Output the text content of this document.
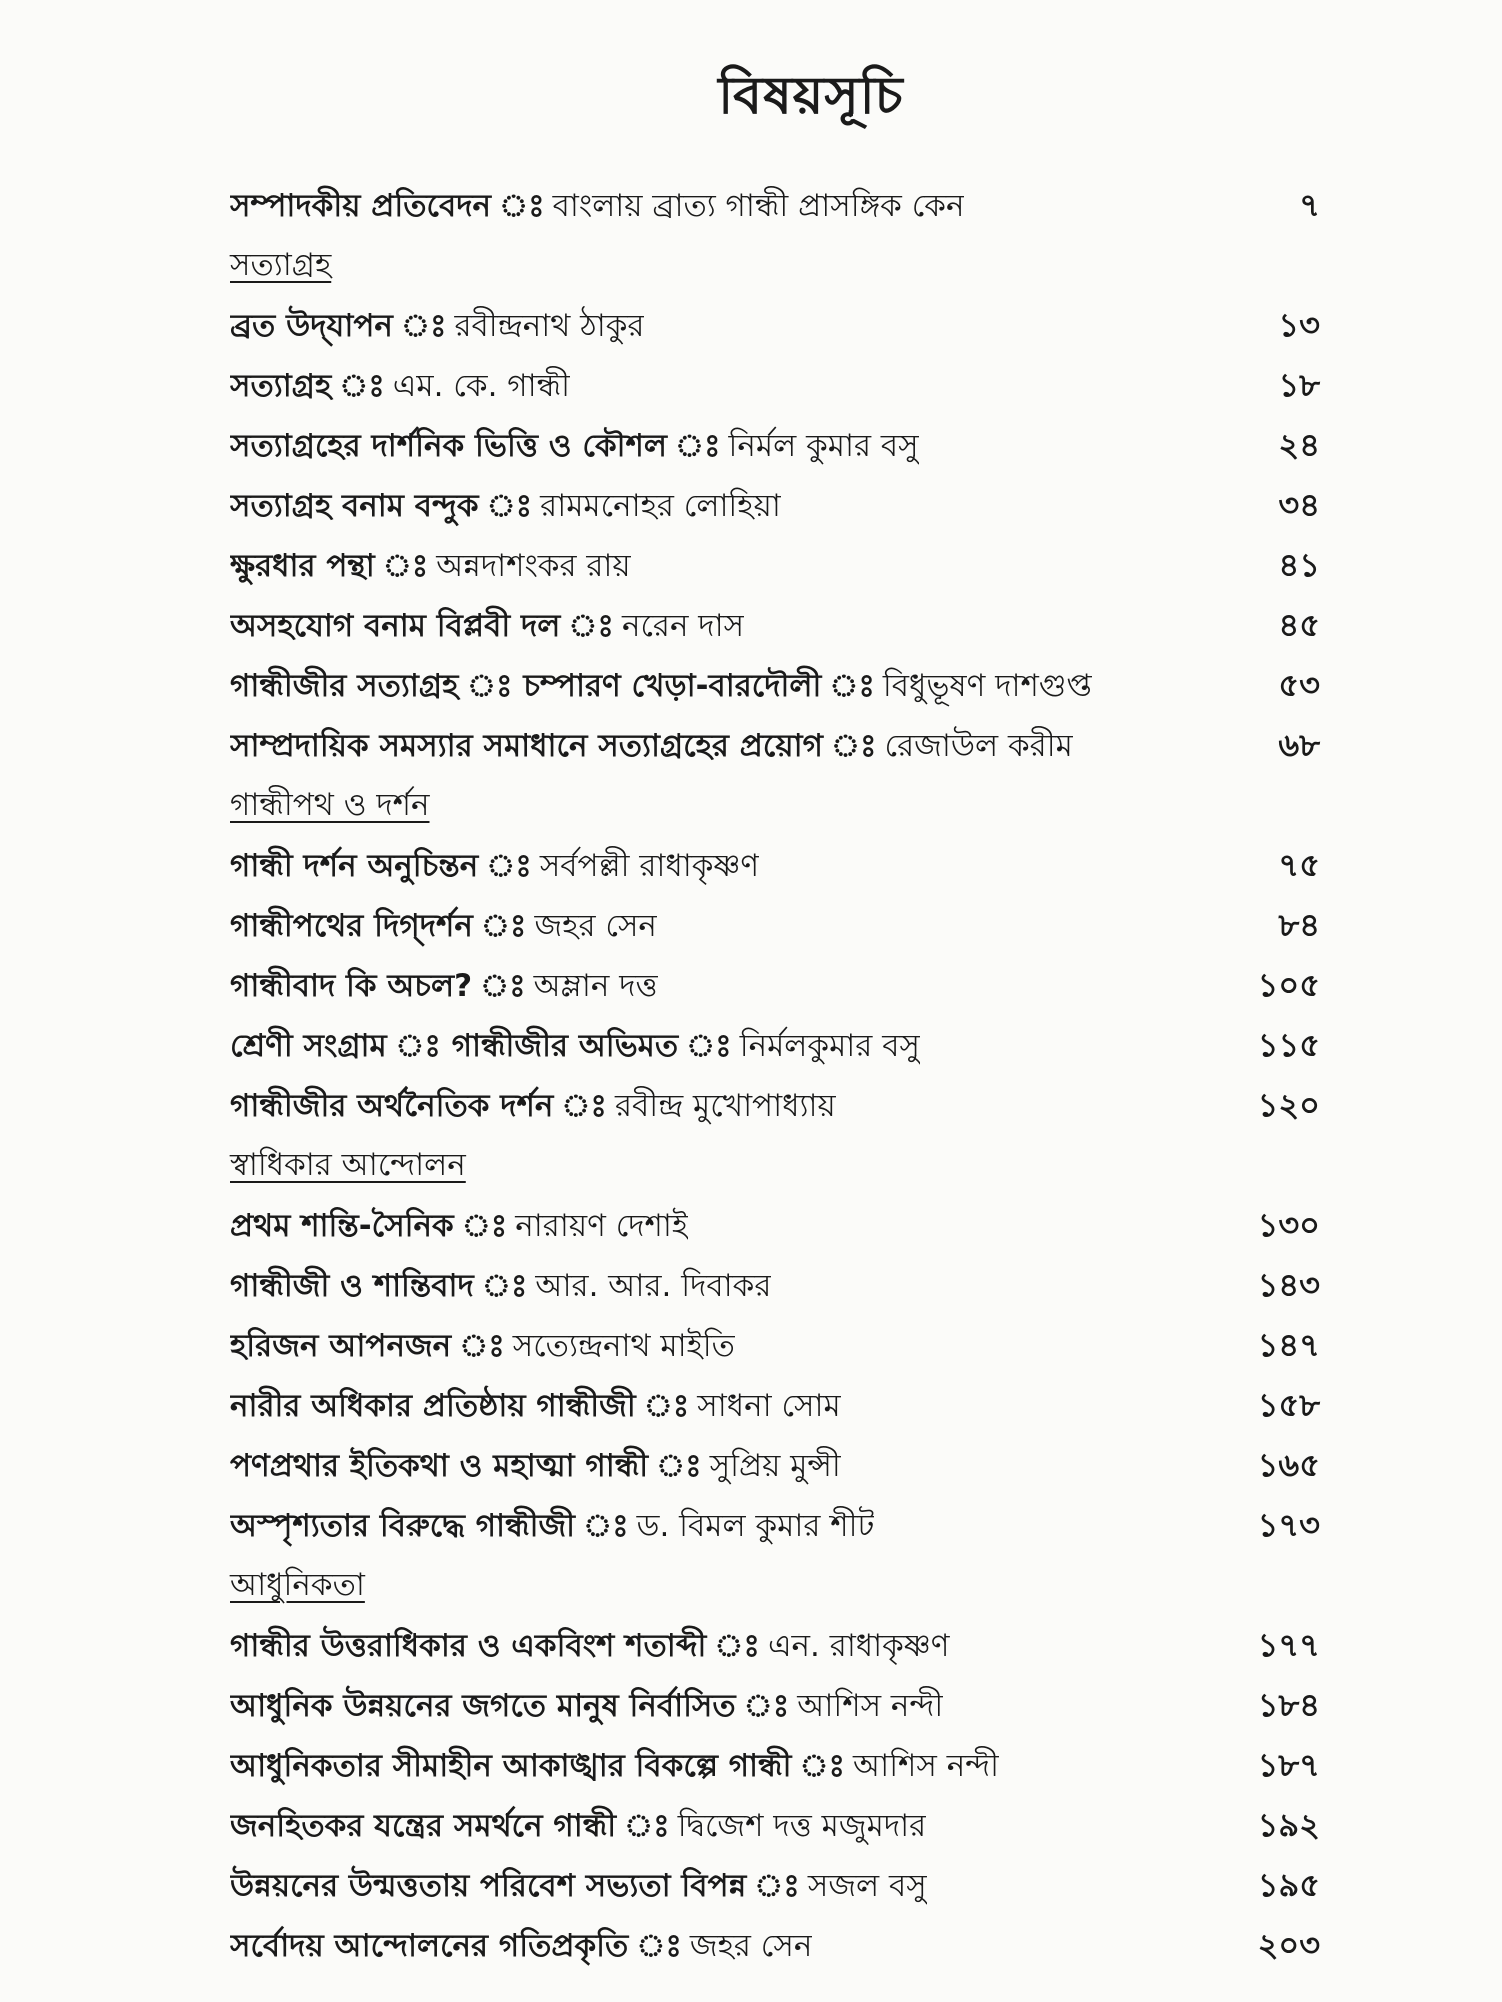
বিষয়সূচি
সম্পাদকীয় প্রতিবেদন ঃ বাংলায় ব্রাত্য গান্ধী প্রাসঙ্গিক কেন	৭
সত্যাগ্রহ
ব্রত উদ্‌যাপন ঃ রবীন্দ্রনাথ ঠাকুর	১৩
সত্যাগ্রহ ঃ এম. কে. গান্ধী	১৮
সত্যাগ্রহের দার্শনিক ভিত্তি ও কৌশল ঃ নির্মল কুমার বসু	২৪
সত্যাগ্রহ বনাম বন্দুক ঃ রামমনোহর লোহিয়া	৩৪
ক্ষুরধার পন্থা ঃ অন্নদাশংকর রায়	৪১
অসহযোগ বনাম বিপ্লবী দল ঃ নরেন দাস	৪৫
গান্ধীজীর সত্যাগ্রহ ঃ চম্পারণ খেড়া-বারদৌলী ঃ বিধুভূষণ দাশগুপ্ত	৫৩
সাম্প্রদায়িক সমস্যার সমাধানে সত্যাগ্রহের প্রয়োগ ঃ রেজাউল করীম	৬৮
গান্ধীপথ ও দর্শন
গান্ধী দর্শন অনুচিন্তন ঃ সর্বপল্লী রাধাকৃষ্ণণ	৭৫
গান্ধীপথের দিগ্‌দর্শন ঃ জহর সেন	৮৪
গান্ধীবাদ কি অচল? ঃ অম্লান দত্ত	১০৫
শ্রেণী সংগ্রাম ঃ গান্ধীজীর অভিমত ঃ নির্মলকুমার বসু	১১৫
গান্ধীজীর অর্থনৈতিক দর্শন ঃ রবীন্দ্র মুখোপাধ্যায়	১২০
স্বাধিকার আন্দোলন
প্রথম শান্তি-সৈনিক ঃ নারায়ণ দেশাই	১৩০
গান্ধীজী ও শান্তিবাদ ঃ আর. আর. দিবাকর	১৪৩
হরিজন আপনজন ঃ সত্যেন্দ্রনাথ মাইতি	১৪৭
নারীর অধিকার প্রতিষ্ঠায় গান্ধীজী ঃ সাধনা সোম	১৫৮
পণপ্রথার ইতিকথা ও মহাত্মা গান্ধী ঃ সুপ্রিয় মুন্সী	১৬৫
অস্পৃশ্যতার বিরুদ্ধে গান্ধীজী ঃ ড. বিমল কুমার শীট	১৭৩
আধুনিকতা
গান্ধীর উত্তরাধিকার ও একবিংশ শতাব্দী ঃ এন. রাধাকৃষ্ণণ	১৭৭
আধুনিক উন্নয়নের জগতে মানুষ নির্বাসিত ঃ আশিস নন্দী	১৮৪
আধুনিকতার সীমাহীন আকাঙ্খার বিকল্পে গান্ধী ঃ আশিস নন্দী	১৮৭
জনহিতকর যন্ত্রের সমর্থনে গান্ধী ঃ দ্বিজেশ দত্ত মজুমদার	১৯২
উন্নয়নের উন্মত্ততায় পরিবেশ সভ্যতা বিপন্ন ঃ সজল বসু	১৯৫
সর্বোদয় আন্দোলনের গতিপ্রকৃতি ঃ জহর সেন	২০৩
